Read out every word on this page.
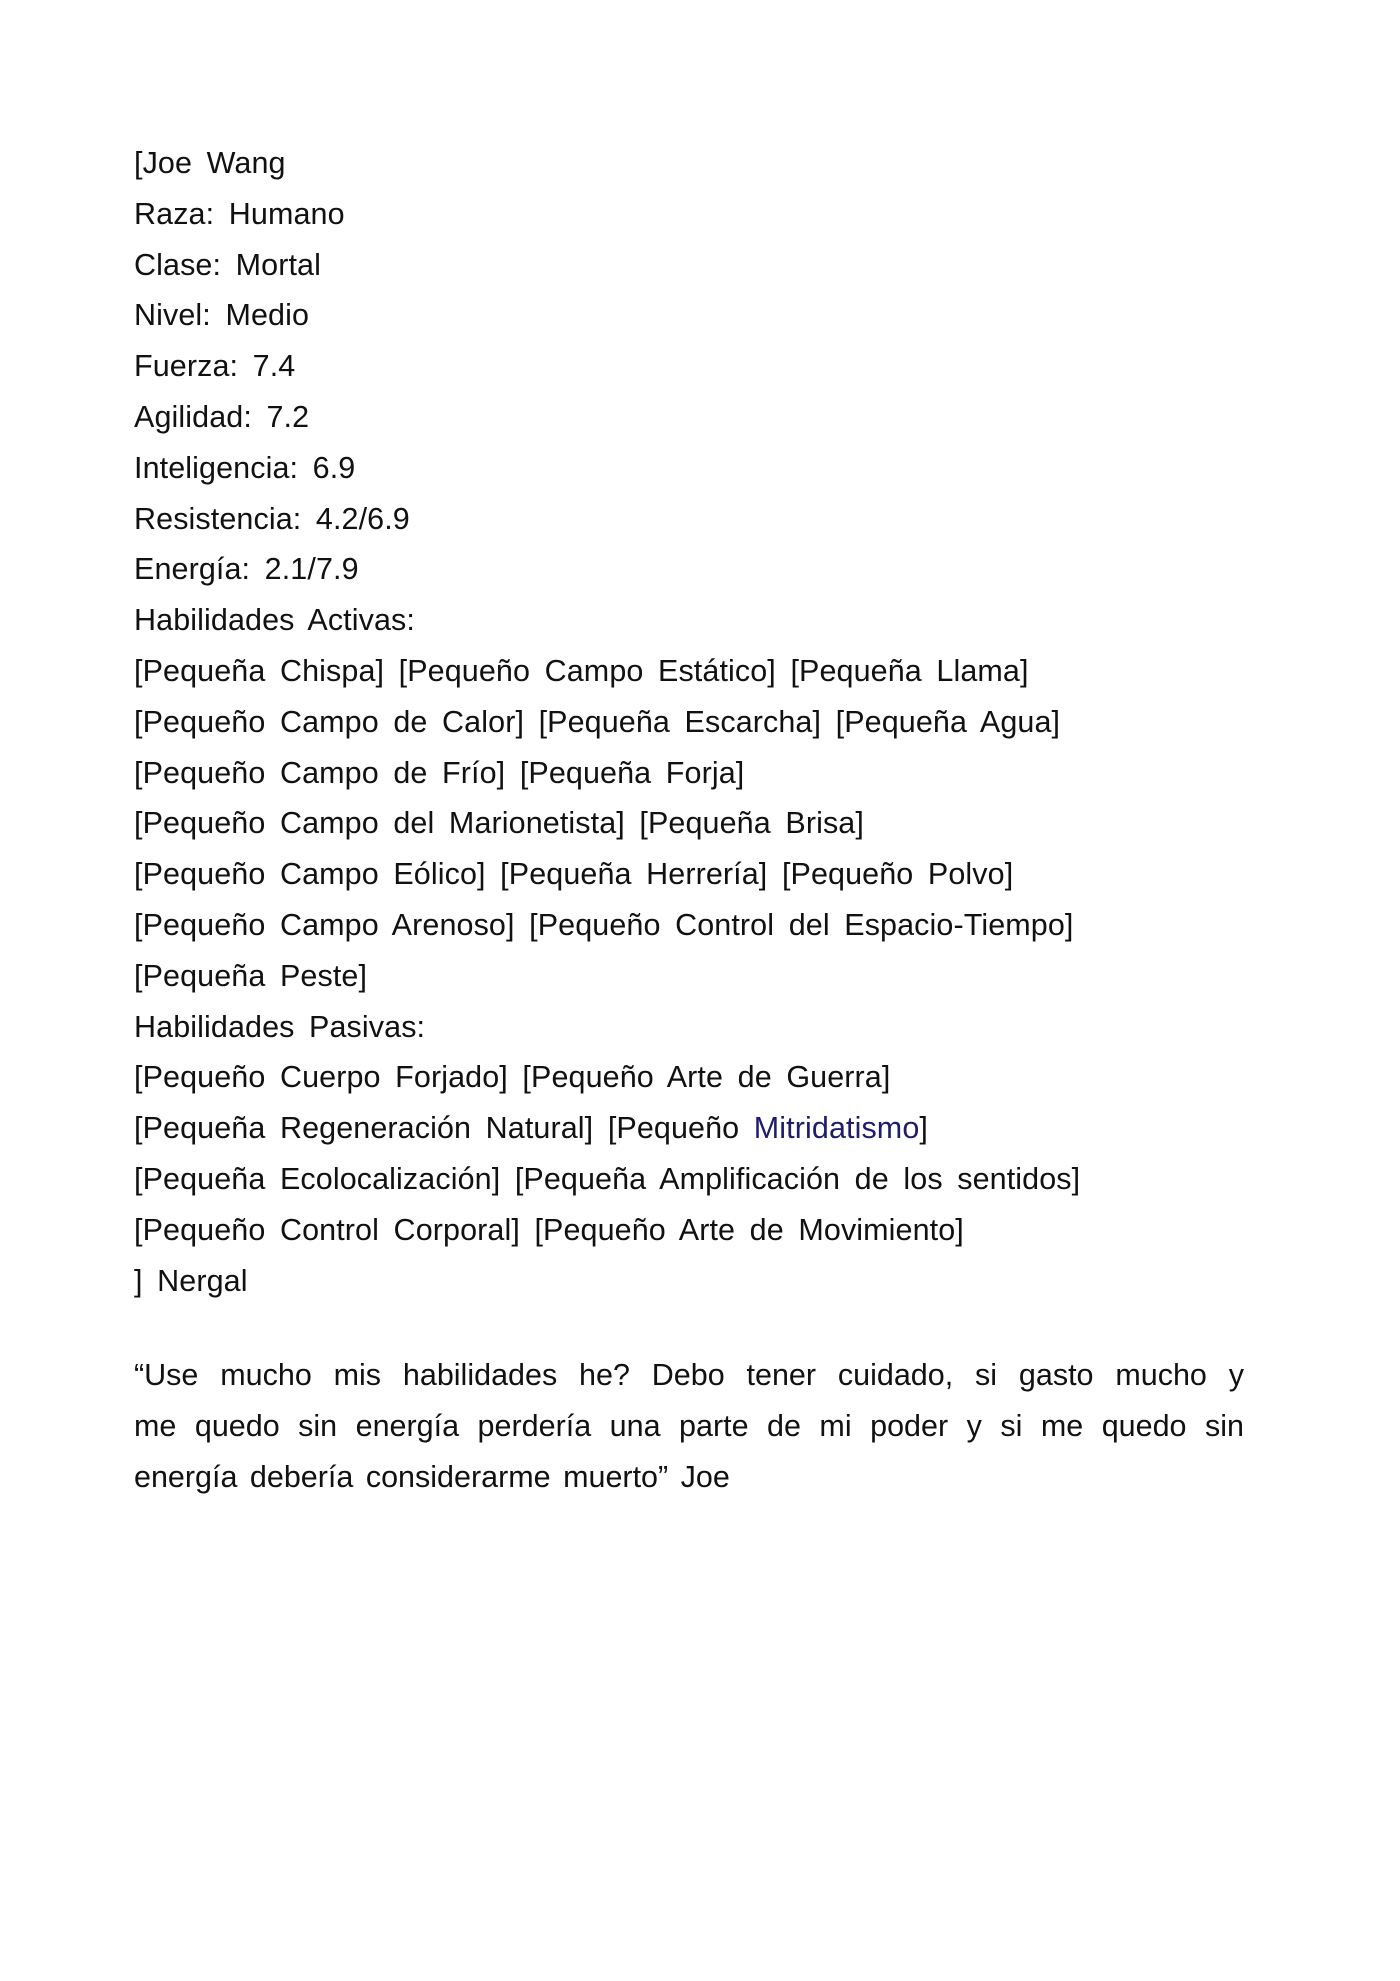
[Joe Wang
Raza: Humano
Clase: Mortal
Nivel: Medio
Fuerza: 7.4
Agilidad: 7.2
Inteligencia: 6.9
Resistencia: 4.2/6.9
Energía: 2.1/7.9
Habilidades Activas:
[Pequeña Chispa] [Pequeño Campo Estático] [Pequeña Llama]
[Pequeño Campo de Calor] [Pequeña Escarcha] [Pequeña Agua]
[Pequeño Campo de Frío] [Pequeña Forja]
[Pequeño Campo del Marionetista] [Pequeña Brisa]
[Pequeño Campo Eólico] [Pequeña Herrería] [Pequeño Polvo]
[Pequeño Campo Arenoso] [Pequeño Control del Espacio-Tiempo]
[Pequeña Peste]
Habilidades Pasivas:
[Pequeño Cuerpo Forjado] [Pequeño Arte de Guerra]
[Pequeña Regeneración Natural] [Pequeño Mitridatismo]
[Pequeña Ecolocalización] [Pequeña Amplificación de los sentidos]
[Pequeño Control Corporal] [Pequeño Arte de Movimiento]
] Nergal
“Use mucho mis habilidades he? Debo tener cuidado, si gasto mucho y
me quedo sin energía perdería una parte de mi poder y si me quedo sin
energía debería considerarme muerto” Joe
